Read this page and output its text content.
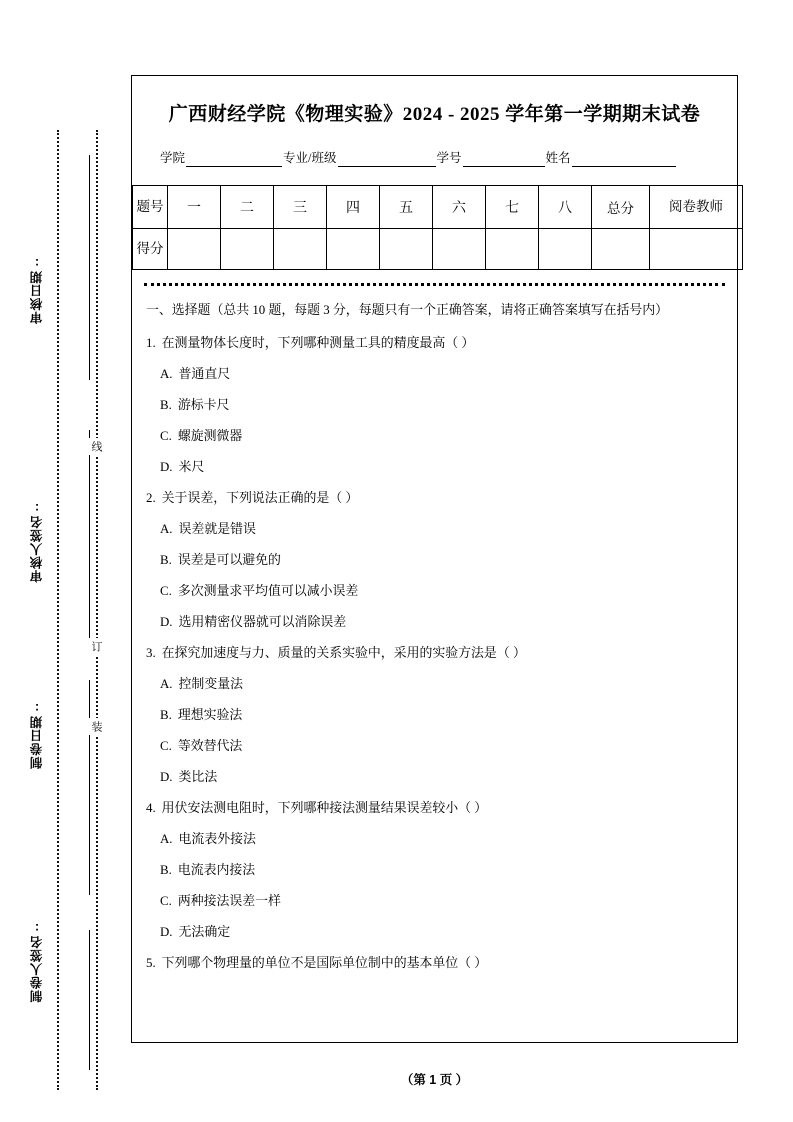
审核日期:
审核人签名:
制卷日期:
制卷人签名:
线
订
装
广西财经学院《物理实验》2024 - 2025 学年第一学期期末试卷
学院	专业/班级	学号	姓名
题号	一	二	三	四	五	六	七	八	总分	阅卷教师
得分										
一、选择题（总共 10 题，每题 3 分，每题只有一个正确答案，请将正确答案填写在括号内）
1. 在测量物体长度时，下列哪种测量工具的精度最高（ ）
A. 普通直尺
B. 游标卡尺
C. 螺旋测微器
D. 米尺
2. 关于误差，下列说法正确的是（ ）
A. 误差就是错误
B. 误差是可以避免的
C. 多次测量求平均值可以减小误差
D. 选用精密仪器就可以消除误差
3. 在探究加速度与力、质量的关系实验中，采用的实验方法是（ ）
A. 控制变量法
B. 理想实验法
C. 等效替代法
D. 类比法
4. 用伏安法测电阻时，下列哪种接法测量结果误差较小（ ）
A. 电流表外接法
B. 电流表内接法
C. 两种接法误差一样
D. 无法确定
5. 下列哪个物理量的单位不是国际单位制中的基本单位（ ）
（第 1 页 ）
